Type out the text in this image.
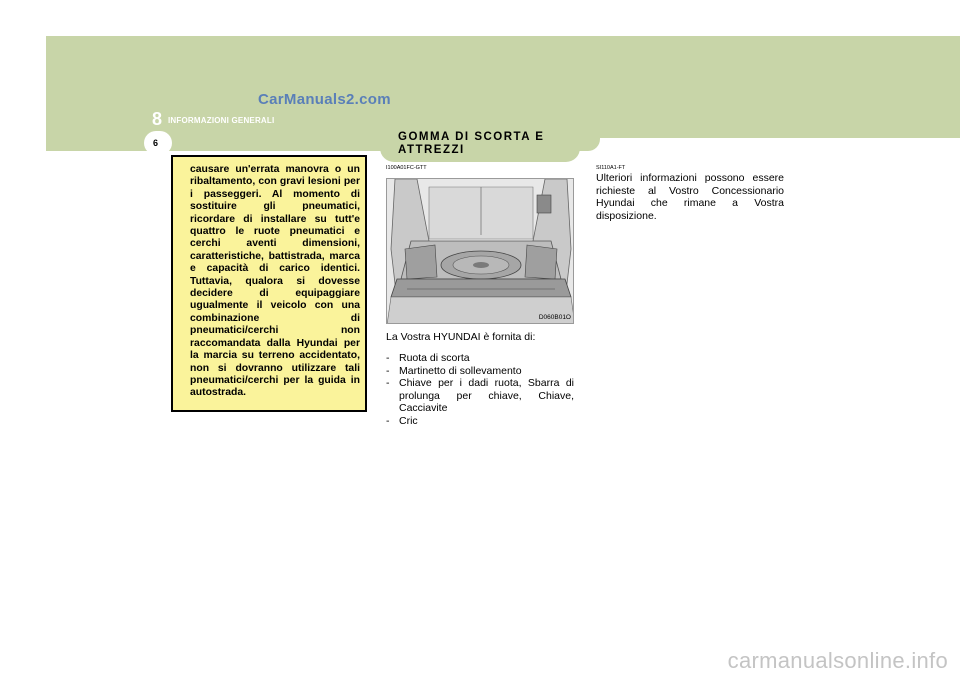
8 INFORMAZIONI GENERALI
6
CarManuals2.com

causare un'errata manovra o un ribaltamento, con gravi lesioni per i passeggeri. Al momento di sostituire gli pneumatici, ricordare di installare su tutt'e quattro le ruote pneumatici e cerchi aventi dimensioni, caratteristiche, battistrada, marca e capacità di carico identici. Tuttavia, qualora si dovesse decidere di equipaggiare ugualmente il veicolo con una combinazione di pneumatici/cerchi non raccomandata dalla Hyundai per la marcia su terreno accidentato, non si dovranno utilizzare tali pneumatici/cerchi per la guida in autostrada.

GOMMA DI SCORTA E ATTREZZI
I100A01FC-GTT
D060B01O

La Vostra HYUNDAI è fornita di:

- Ruota di scorta
- Martinetto di sollevamento
- Chiave per i dadi ruota, Sbarra di prolunga per chiave, Chiave, Cacciavite
- Cric
SI110A1-FT

Ulteriori informazioni possono essere richieste al Vostro Concessionario Hyundai che rimane a Vostra disposizione.

carmanualsonline.info
